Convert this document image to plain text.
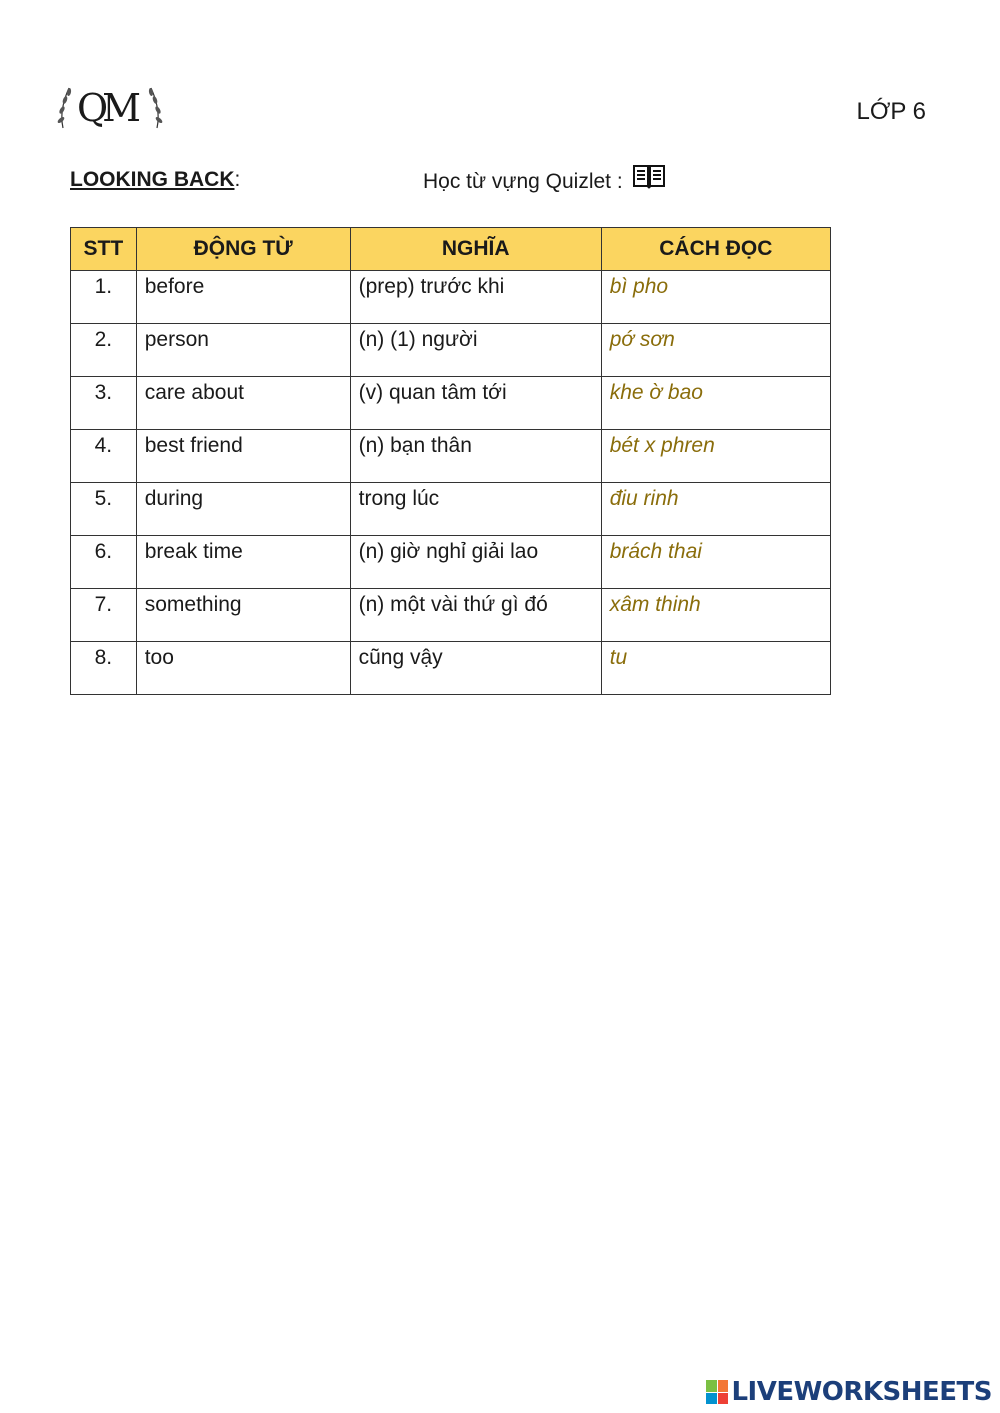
QM	LỚP 6
LOOKING BACK:	Học từ vựng Quizlet :
STT	ĐỘNG TỪ	NGHĨA	CÁCH ĐỌC
1.	before	(prep) trước khi	bì pho
2.	person	(n) (1) người	pớ sơn
3.	care about	(v) quan tâm tới	khe ờ bao
4.	best friend	(n) bạn thân	bét x phren
5.	during	trong lúc	điu rinh
6.	break time	(n) giờ nghỉ giải lao	brách thai
7.	something	(n) một vài thứ gì đó	xâm thinh
8.	too	cũng vậy	tu
LIVEWORKSHEETS
